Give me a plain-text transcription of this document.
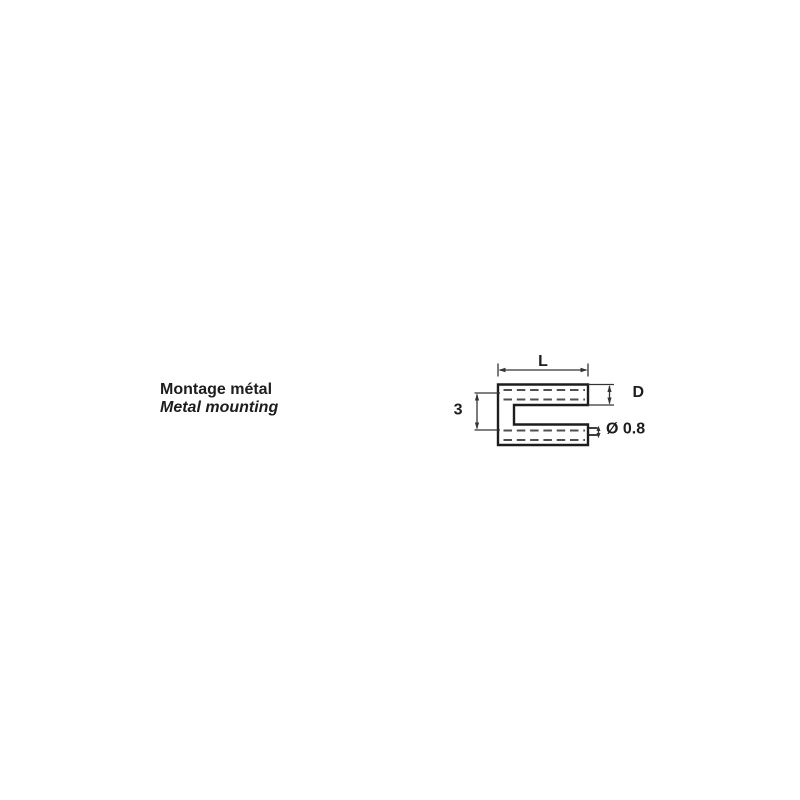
Montage métal
Metal mounting
L
3
D
Ø 0.8
